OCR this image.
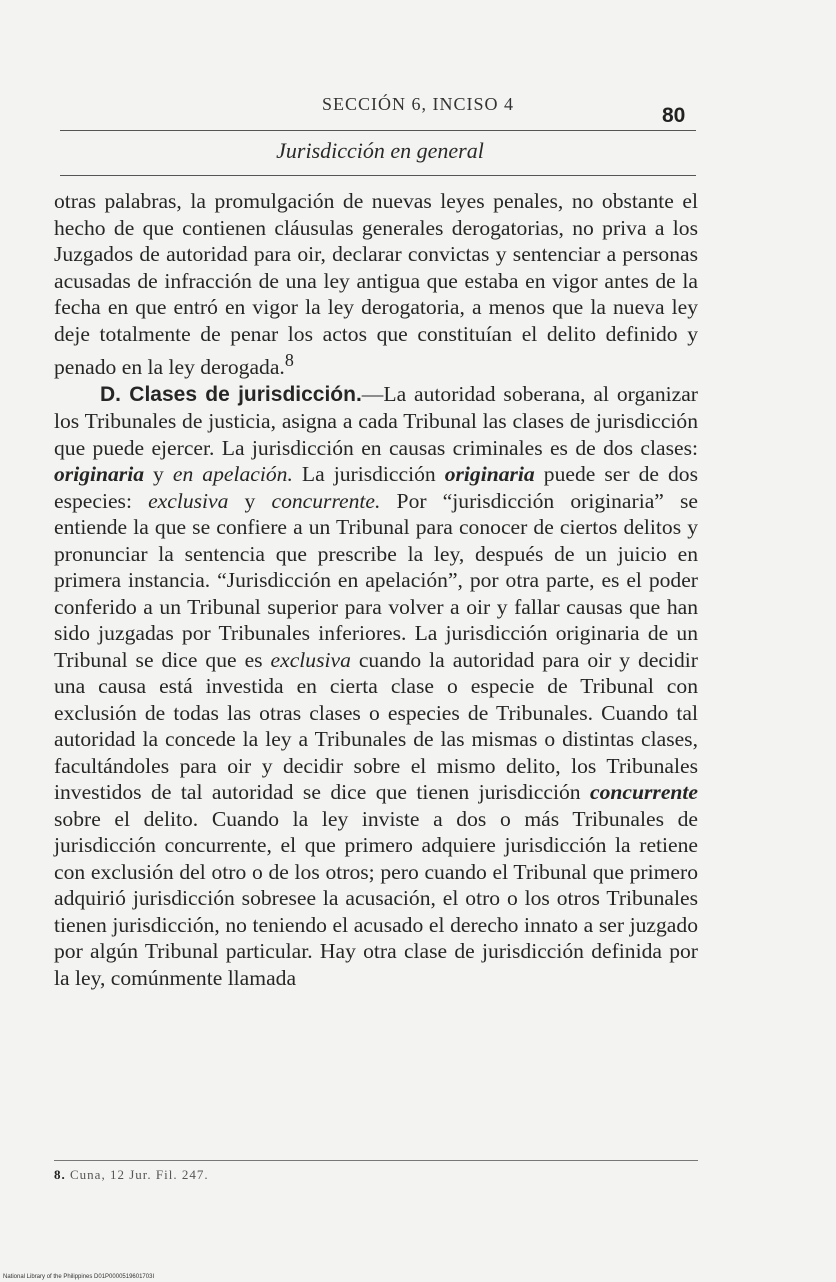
SECCIÓN 6, INCISO 4	80
Jurisdicción en general

otras palabras, la promulgación de nuevas leyes penales, no obstante el hecho de que contienen cláusulas generales derogatorias, no priva a los Juzgados de autoridad para oir, declarar convictas y sentenciar a personas acusadas de infracción de una ley antigua que estaba en vigor antes de la fecha en que entró en vigor la ley derogatoria, a menos que la nueva ley deje totalmente de penar los actos que constituían el delito definido y penado en la ley derogada.$^8$

D. Clases de jurisdicción.—La autoridad soberana, al organizar los Tribunales de justicia, asigna a cada Tribunal las clases de jurisdicción que puede ejercer. La jurisdicción en causas criminales es de dos clases: originaria y en apelación. La jurisdicción originaria puede ser de dos especies: exclusiva y concurrente. Por “jurisdicción originaria” se entiende la que se confiere a un Tribunal para conocer de ciertos delitos y pronunciar la sentencia que prescribe la ley, después de un juicio en primera instancia. “Jurisdicción en apelación”, por otra parte, es el poder conferido a un Tribunal superior para volver a oir y fallar causas que han sido juzgadas por Tribunales inferiores. La jurisdicción originaria de un Tribunal se dice que es exclusiva cuando la autoridad para oir y decidir una causa está investida en cierta clase o especie de Tribunal con exclusión de todas las otras clases o especies de Tribunales. Cuando tal autoridad la concede la ley a Tribunales de las mismas o distintas clases, facultándoles para oir y decidir sobre el mismo delito, los Tribunales investidos de tal autoridad se dice que tienen jurisdicción concurrente sobre el delito. Cuando la ley inviste a dos o más Tribunales de jurisdicción concurrente, el que primero adquiere jurisdicción la retiene con exclusión del otro o de los otros; pero cuando el Tribunal que primero adquirió jurisdicción sobresee la acusación, el otro o los otros Tribunales tienen jurisdicción, no teniendo el acusado el derecho innato a ser juzgado por algún Tribunal particular. Hay otra clase de jurisdicción definida por la ley, comúnmente llamada

8. Cuna, 12 Jur. Fil. 247.
National Library of the Philippines D01P0000519601703I
